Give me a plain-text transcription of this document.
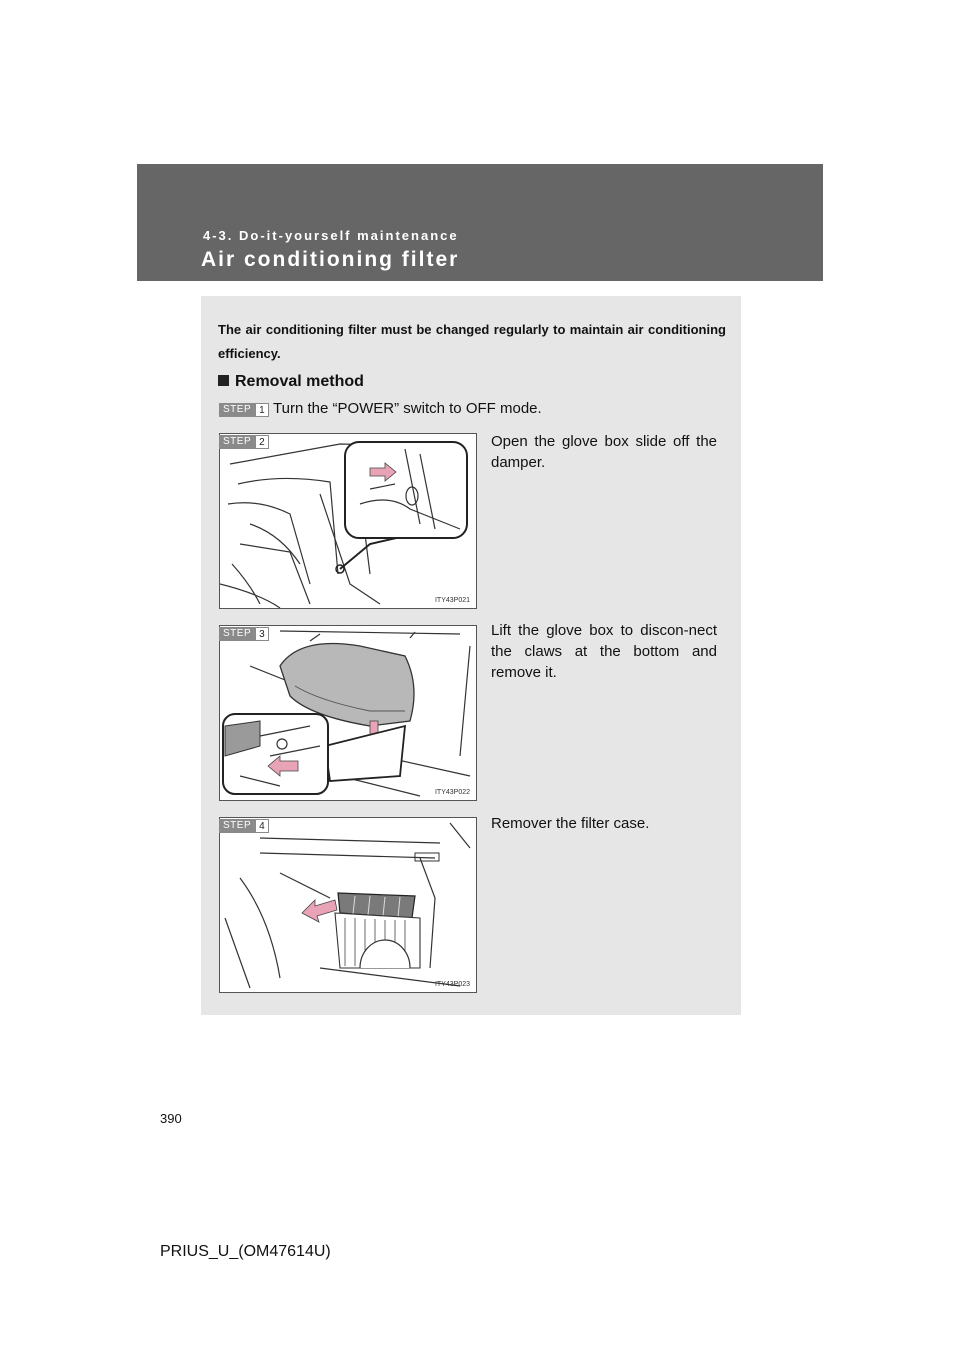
4-3. Do-it-yourself maintenance
Air conditioning filter
The air conditioning filter must be changed regularly to maintain air conditioning efficiency.
Removal method
STEP 1 Turn the “POWER” switch to OFF mode.
ITY43P021
STEP 2	Open the glove box slide off the damper.
ITY43P022
STEP 3	Lift the glove box to discon-nect the claws at the bottom and remove it.
ITY43P023
STEP 4	Remover the filter case.
390
PRIUS_U_(OM47614U)
